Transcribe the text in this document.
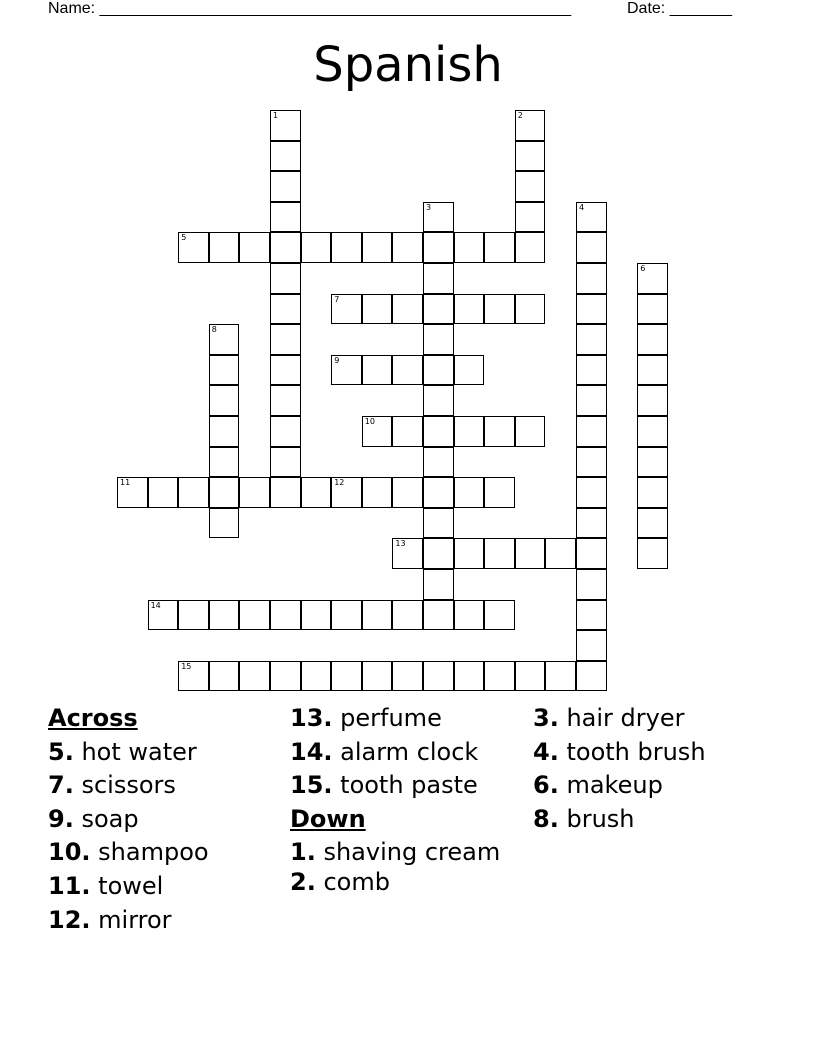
Name: _____________________________________________________	Date: _______
Spanish
1	2
3	4
5
6
7
8
9
10
11	12
13
14
15
Across
5. hot water
7. scissors
9. soap
10. shampoo
11. towel
12. mirror
13. perfume
14. alarm clock
15. tooth paste
Down
1. shaving cream
2. comb
3. hair dryer
4. tooth brush
6. makeup
8. brush
